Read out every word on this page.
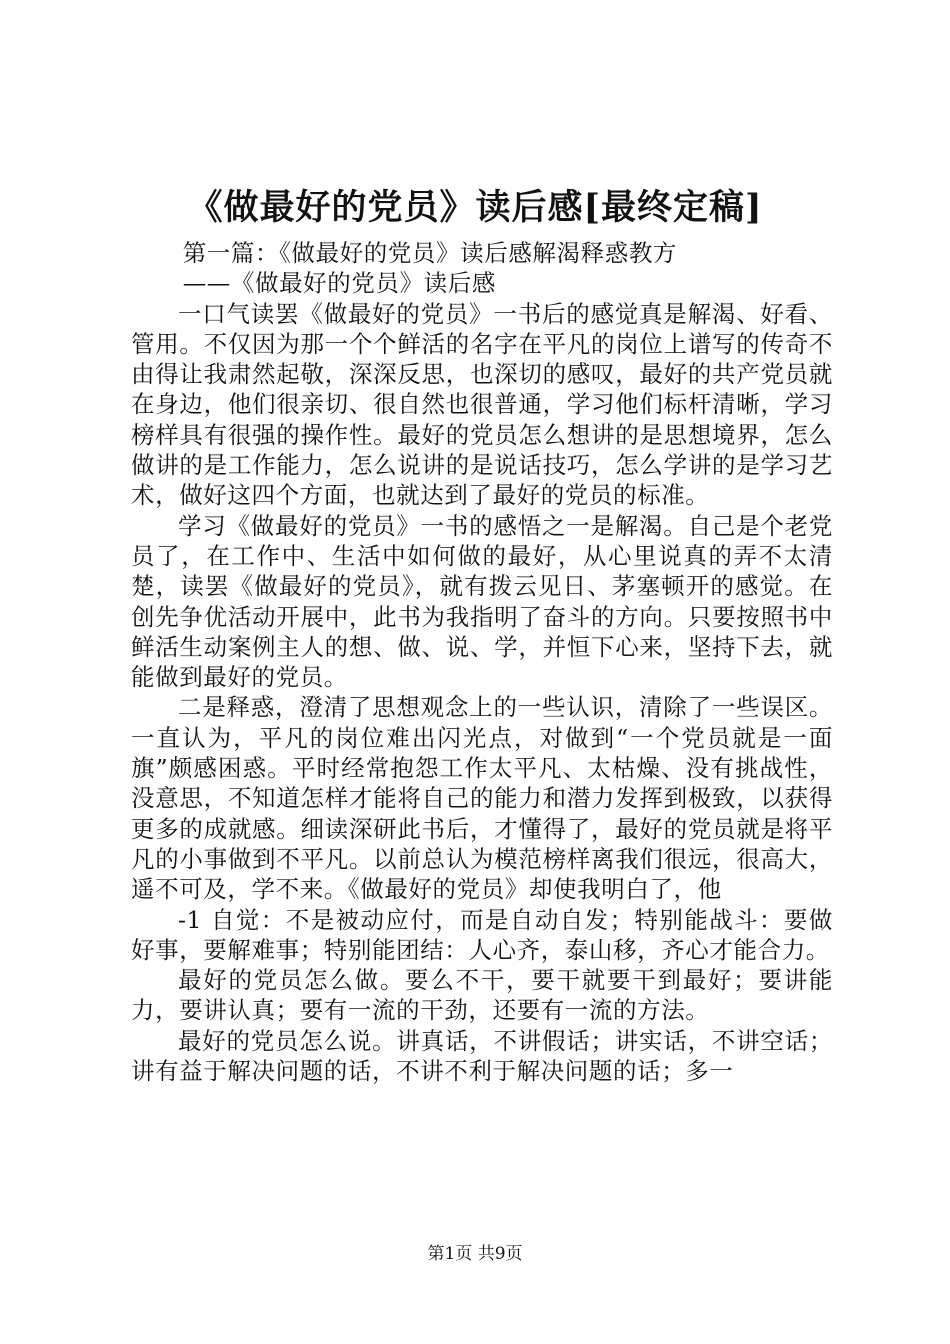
《做最好的党员》读后感[最终定稿]

第一篇：《做最好的党员》读后感解渴释惑教方

——《做最好的党员》读后感

一口气读罢《做最好的党员》一书后的感觉真是解渴、好看、管用。不仅因为那一个个鲜活的名字在平凡的岗位上谱写的传奇不由得让我肃然起敬，深深反思，也深切的感叹，最好的共产党员就在身边，他们很亲切、很自然也很普通，学习他们标杆清晰，学习榜样具有很强的操作性。最好的党员怎么想讲的是思想境界，怎么做讲的是工作能力，怎么说讲的是说话技巧，怎么学讲的是学习艺术，做好这四个方面，也就达到了最好的党员的标准。

学习《做最好的党员》一书的感悟之一是解渴。自己是个老党员了，在工作中、生活中如何做的最好，从心里说真的弄不太清楚，读罢《做最好的党员》，就有拨云见日、茅塞顿开的感觉。在创先争优活动开展中，此书为我指明了奋斗的方向。只要按照书中鲜活生动案例主人的想、做、说、学，并恒下心来，坚持下去，就能做到最好的党员。

二是释惑，澄清了思想观念上的一些认识，清除了一些误区。一直认为，平凡的岗位难出闪光点，对做到“一个党员就是一面旗”颇感困惑。平时经常抱怨工作太平凡、太枯燥、没有挑战性，没意思，不知道怎样才能将自己的能力和潜力发挥到极致，以获得更多的成就感。细读深研此书后，才懂得了，最好的党员就是将平凡的小事做到不平凡。以前总认为模范榜样离我们很远，很高大，遥不可及，学不来。《做最好的党员》却使我明白了，他

-1 自觉：不是被动应付，而是自动自发；特别能战斗：要做好事，要解难事；特别能团结：人心齐，泰山移，齐心才能合力。

最好的党员怎么做。要么不干，要干就要干到最好；要讲能力，要讲认真；要有一流的干劲，还要有一流的方法。

最好的党员怎么说。讲真话，不讲假话；讲实话，不讲空话；讲有益于解决问题的话，不讲不利于解决问题的话；多一

第1页 共9页
